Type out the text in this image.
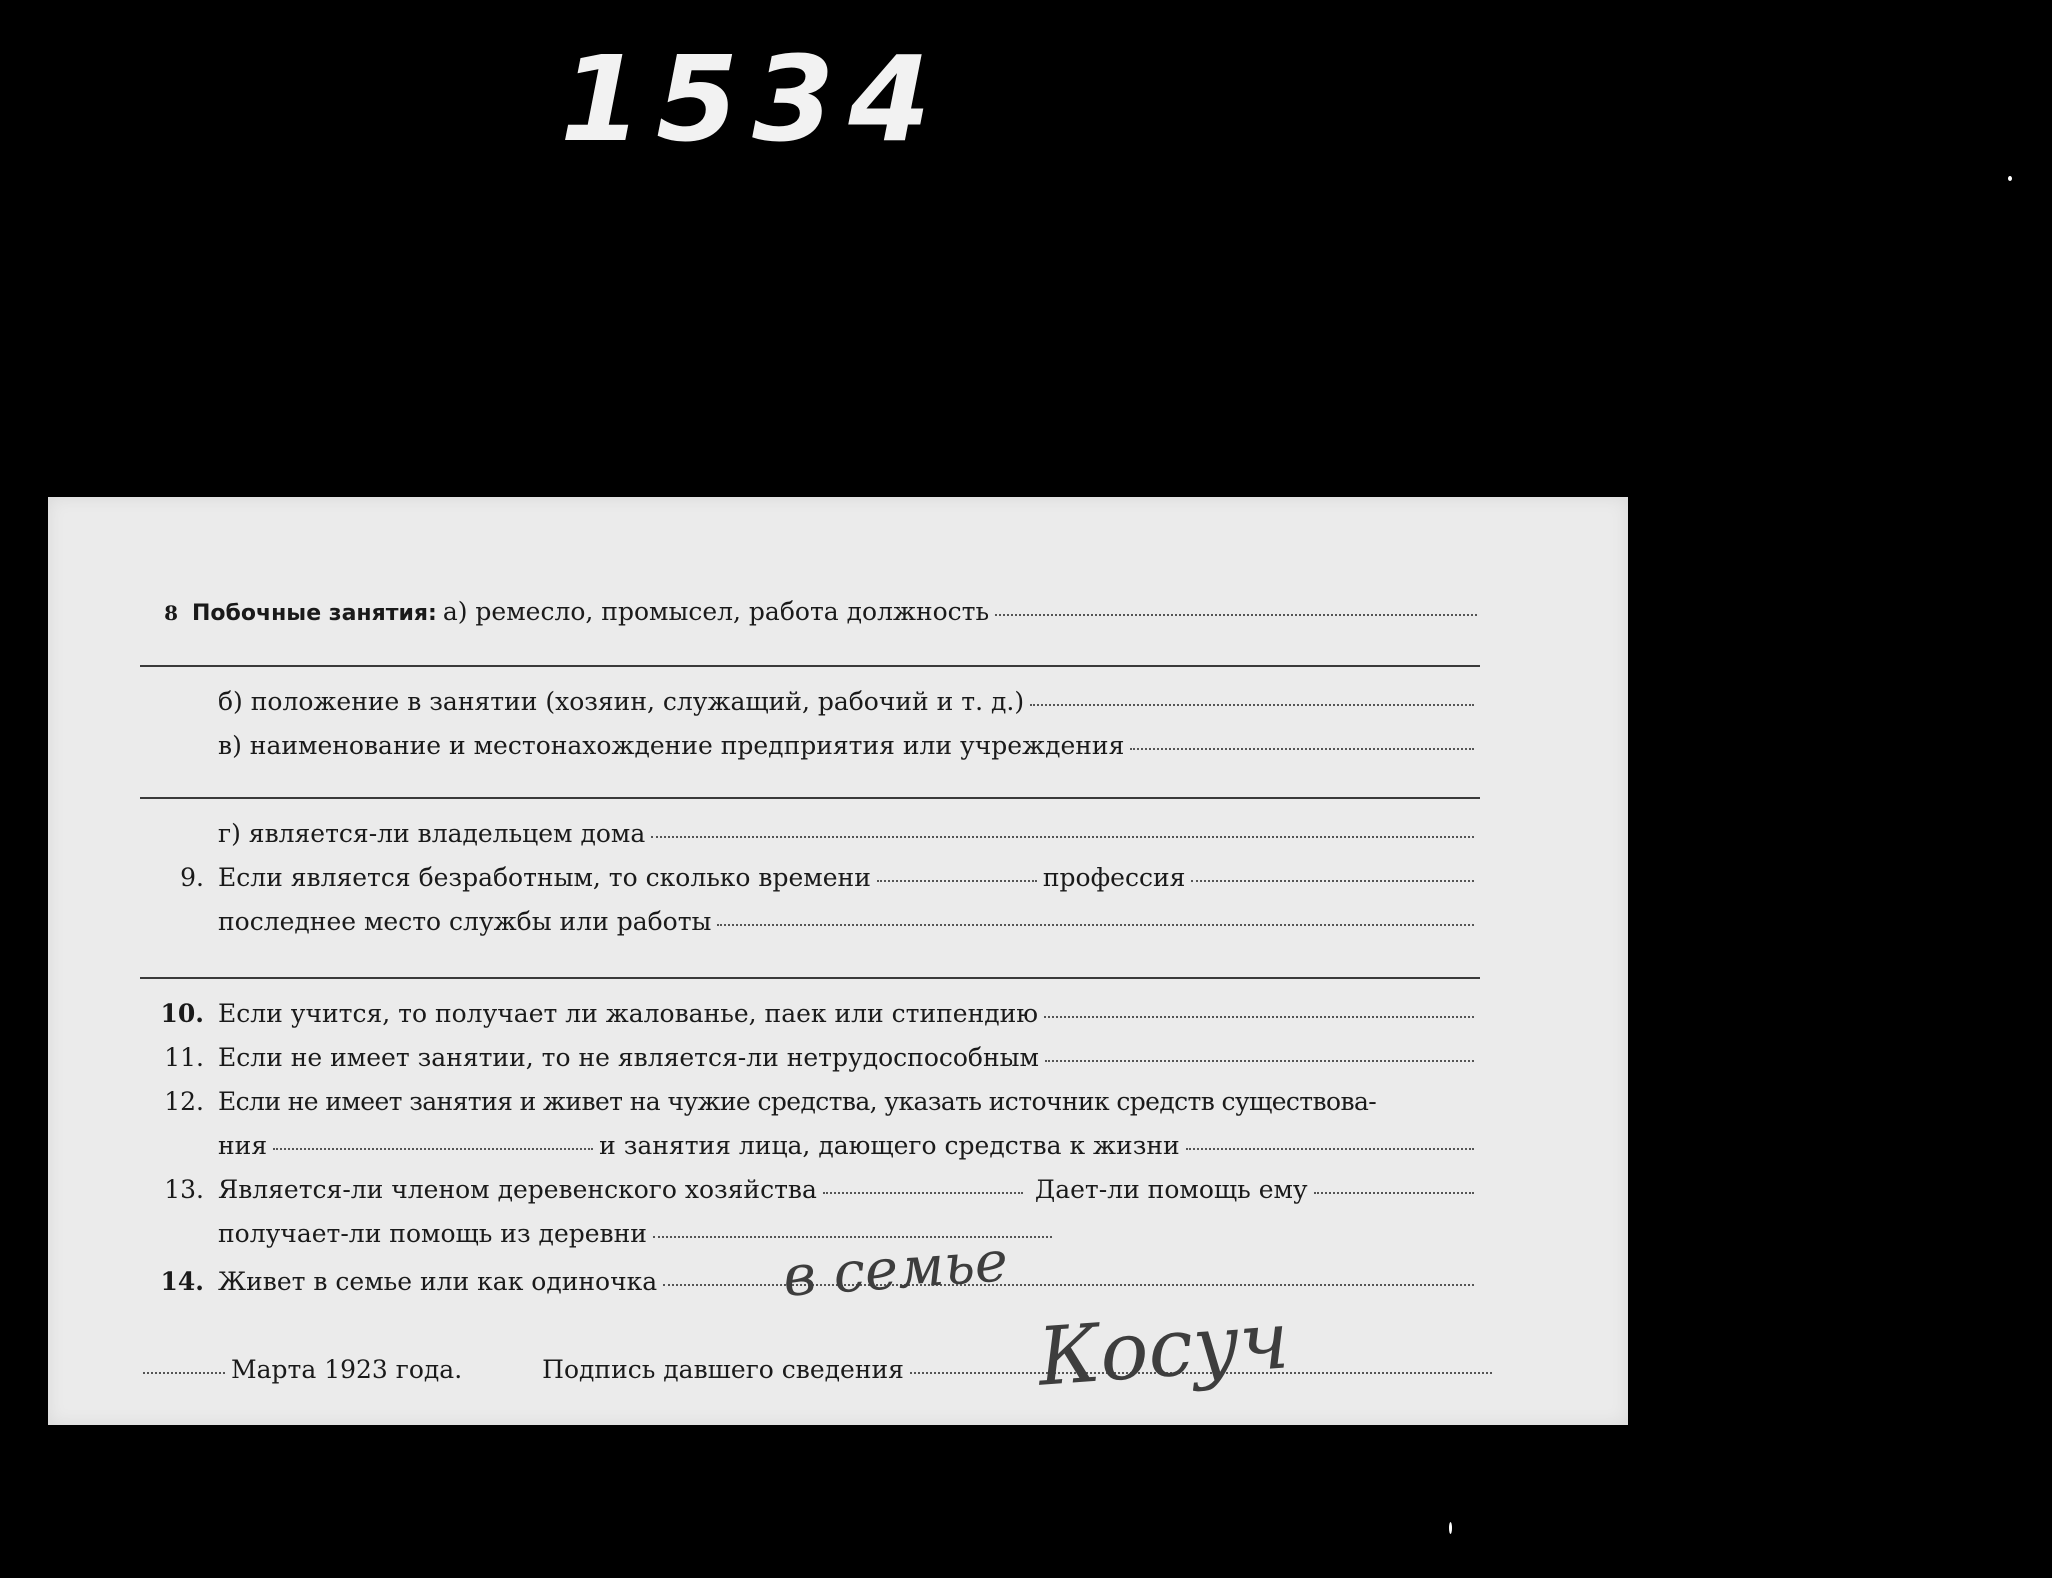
1534
8 Побочные занятия: а) ремесло, промысел, работа должность
б) положение в занятии (хозяин, служащий, рабочий и т. д.)
в) наименование и местонахождение предприятия или учреждения
г) является-ли владельцем дома
9. Если является безработным, то сколько времени	профессия
последнее место службы или работы
10. Если учится, то получает ли жалованье, паек или стипендию
11. Если не имеет занятии, то не является-ли нетрудоспособным
12. Если не имеет занятия и живет на чужие средства, указать источник средств существова-
ния	и занятия лица, дающего средства к жизни
13. Является-ли членом деревенского хозяйства	Дает-ли помощь ему
получает-ли помощь из деревни
14. Живет в семье или как одиночка в семье
Марта 1923 года.	Подпись давшего сведения Косуч
